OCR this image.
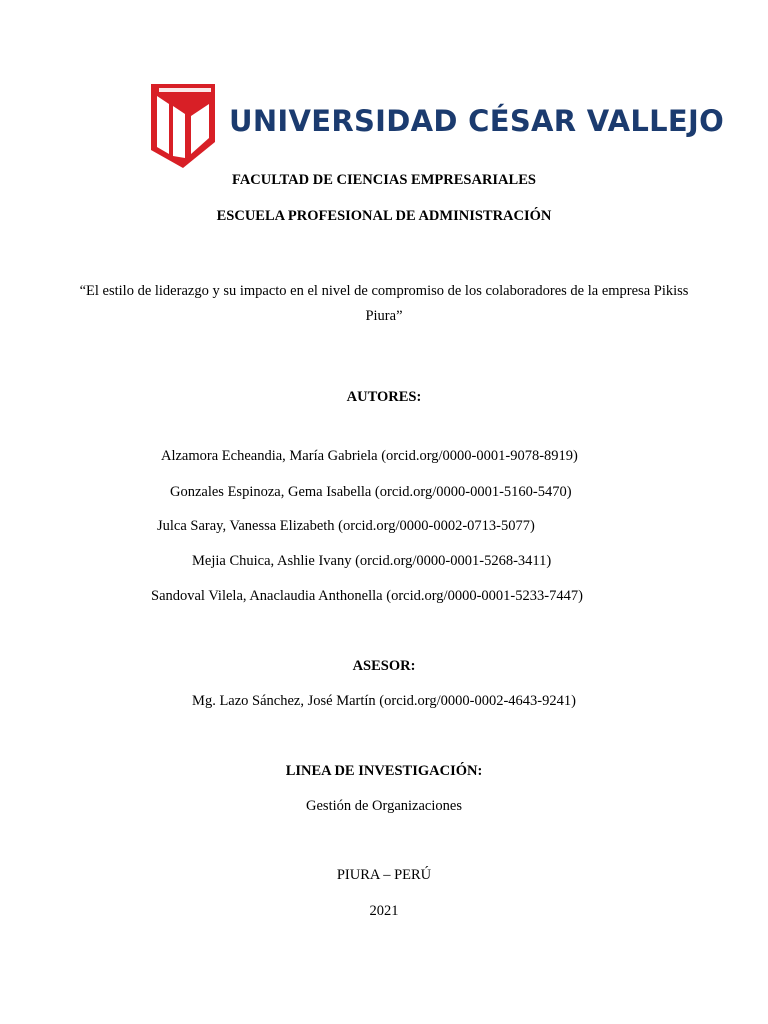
UNIVERSIDAD CÉSAR VALLEJO
FACULTAD DE CIENCIAS EMPRESARIALES
ESCUELA PROFESIONAL DE ADMINISTRACIÓN
“El estilo de liderazgo y su impacto en el nivel de compromiso de los colaboradores de la empresa Pikiss
Piura”
AUTORES:
Alzamora Echeandia, María Gabriela (orcid.org/0000-0001-9078-8919)
Gonzales Espinoza, Gema Isabella (orcid.org/0000-0001-5160-5470)
Julca Saray, Vanessa Elizabeth (orcid.org/0000-0002-0713-5077)
Mejia Chuica, Ashlie Ivany (orcid.org/0000-0001-5268-3411)
Sandoval Vilela, Anaclaudia Anthonella (orcid.org/0000-0001-5233-7447)
ASESOR:
Mg. Lazo Sánchez, José Martín (orcid.org/0000-0002-4643-9241)
LINEA DE INVESTIGACIÓN:
Gestión de Organizaciones
PIURA – PERÚ
2021
